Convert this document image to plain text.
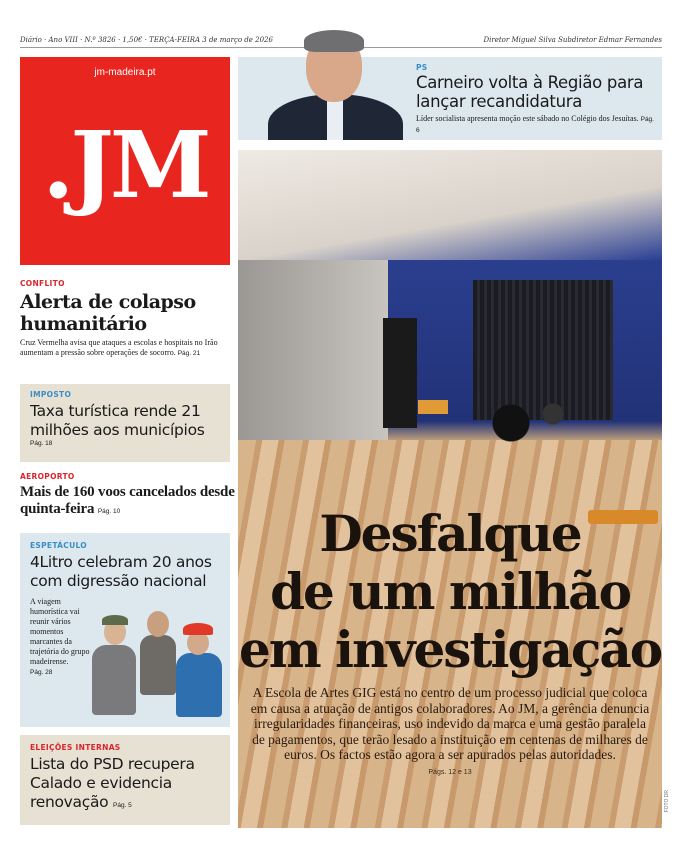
Diário · Ano VIII · N.º 3826 · 1,50€ · TERÇA-FEIRA 3 de março de 2026	Diretor Miguel Silva Subdiretor Edmar Fernandes
jm-madeira.pt
.JM
PS
Carneiro volta à Região para lançar recandidatura
Líder socialista apresenta moção este sábado no Colégio dos Jesuítas. Pág. 6
CONFLITO
Alerta de colapso humanitário
Cruz Vermelha avisa que ataques a escolas e hospitais no Irão aumentam a pressão sobre operações de socorro. Pág. 21
IMPOSTO
Taxa turística rende 21 milhões aos municípios
Pág. 18
AEROPORTO
Mais de 160 voos cancelados desde quinta-feira Pág. 10
ESPETÁCULO
4Litro celebram 20 anos com digressão nacional
A viagem humorística vai reunir vários momentos marcantes da trajetória do grupo madeirense.
Pág. 28
ELEIÇÕES INTERNAS
Lista do PSD recupera Calado e evidencia renovação Pág. 5	FOTO DR
Desfalque
de um milhão
em investigação
A Escola de Artes GIG está no centro de um processo judicial que coloca em causa a atuação de antigos colaboradores. Ao JM, a gerência denuncia irregularidades financeiras, uso indevido da marca e uma gestão paralela de pagamentos, que terão lesado a instituição em centenas de milhares de euros. Os factos estão agora a ser apurados pelas autoridades.
Págs. 12 e 13
